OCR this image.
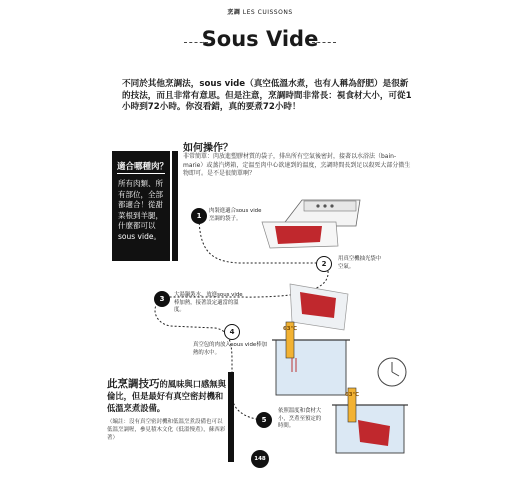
烹調 LES CUISSONS
Sous Vide
不同於其他烹調法，sous vide（真空低溫水煮，也有人稱為舒肥）是很新的技法，而且非常有意思。但是注意，烹調時間非常長：視食材大小，可從1小時到72小時。你沒看錯，真的要煮72小時！
適合哪種肉？
所有肉類、所有部位，全部都適合！從甜菜根到羊腿，什麼都可以sous vide。
如何操作？
非常簡單：肉放進塑膠材質的袋子，排出所有空氣後密封，接著以水浴法（bain-marie）或蒸汽烤箱，定溫至肉中心欲達到的溫度，烹調時間長到足以殺死大部分微生物即可。是不是很簡單啊？
1
肉裝進適合sous vide烹調的袋子。
2
用真空機抽光袋中空氣。
3	大湯鍋裝水，放進sous vide棒加熱，接著設定適當的溫度。
4
真空包的肉放入sous vide棒加熱的水中。
5
依照溫度和食材大小，烹煮至預定的時間。
63℃
63℃
此烹調技巧的風味與口感無與倫比，但是最好有真空密封機和低溫烹煮設備。
（編註：沒有真空密封機和低溫烹煮設備也可以低溫烹調喔，參見積木文化《低溫慢煮》，蘇西彩著）
148
